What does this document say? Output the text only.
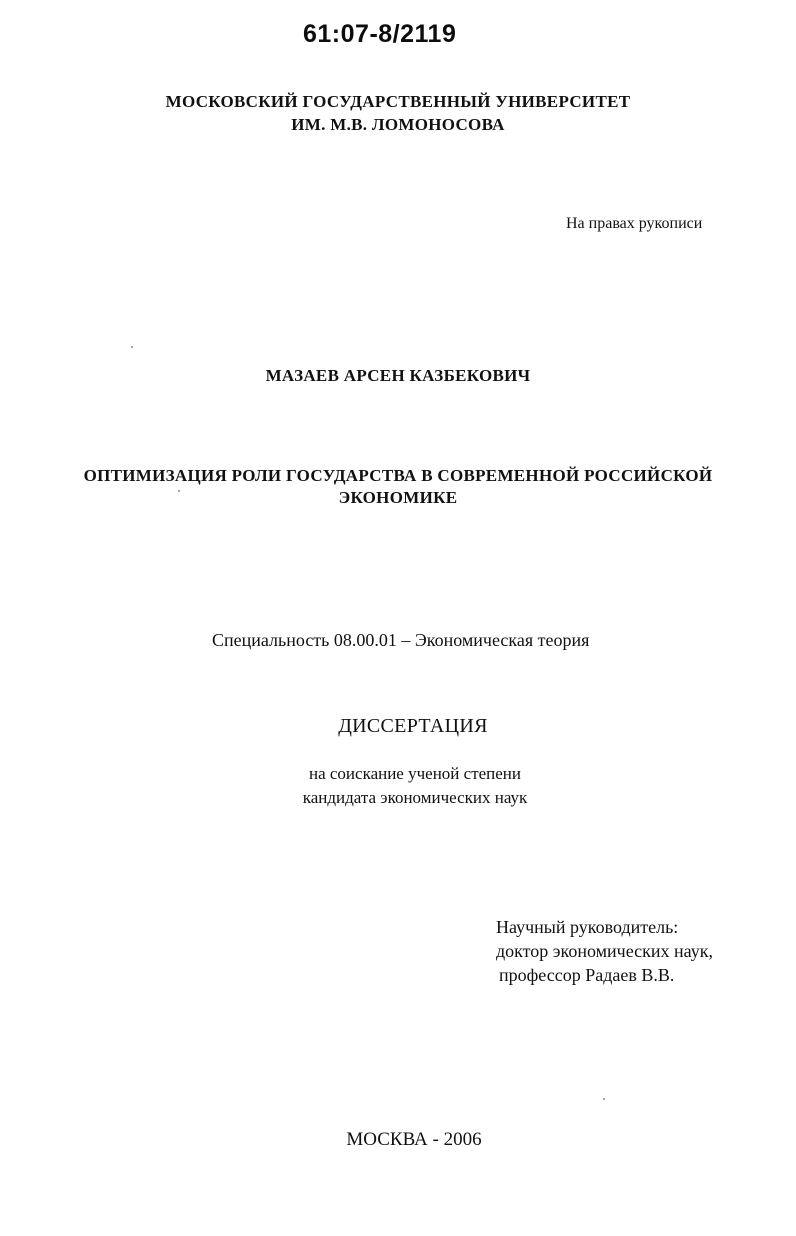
61:07-8/2119
МОСКОВСКИЙ ГОСУДАРСТВЕННЫЙ УНИВЕРСИТЕТ
ИМ. М.В. ЛОМОНОСОВА
На правах рукописи
МАЗАЕВ АРСЕН КАЗБЕКОВИЧ
ОПТИМИЗАЦИЯ РОЛИ ГОСУДАРСТВА В СОВРЕМЕННОЙ РОССИЙСКОЙ
ЭКОНОМИКЕ
Специальность 08.00.01 – Экономическая теория
ДИССЕРТАЦИЯ
на соискание ученой степени
кандидата экономических наук
Научный руководитель:
доктор экономических наук,
профессор Радаев В.В.
МОСКВА - 2006
